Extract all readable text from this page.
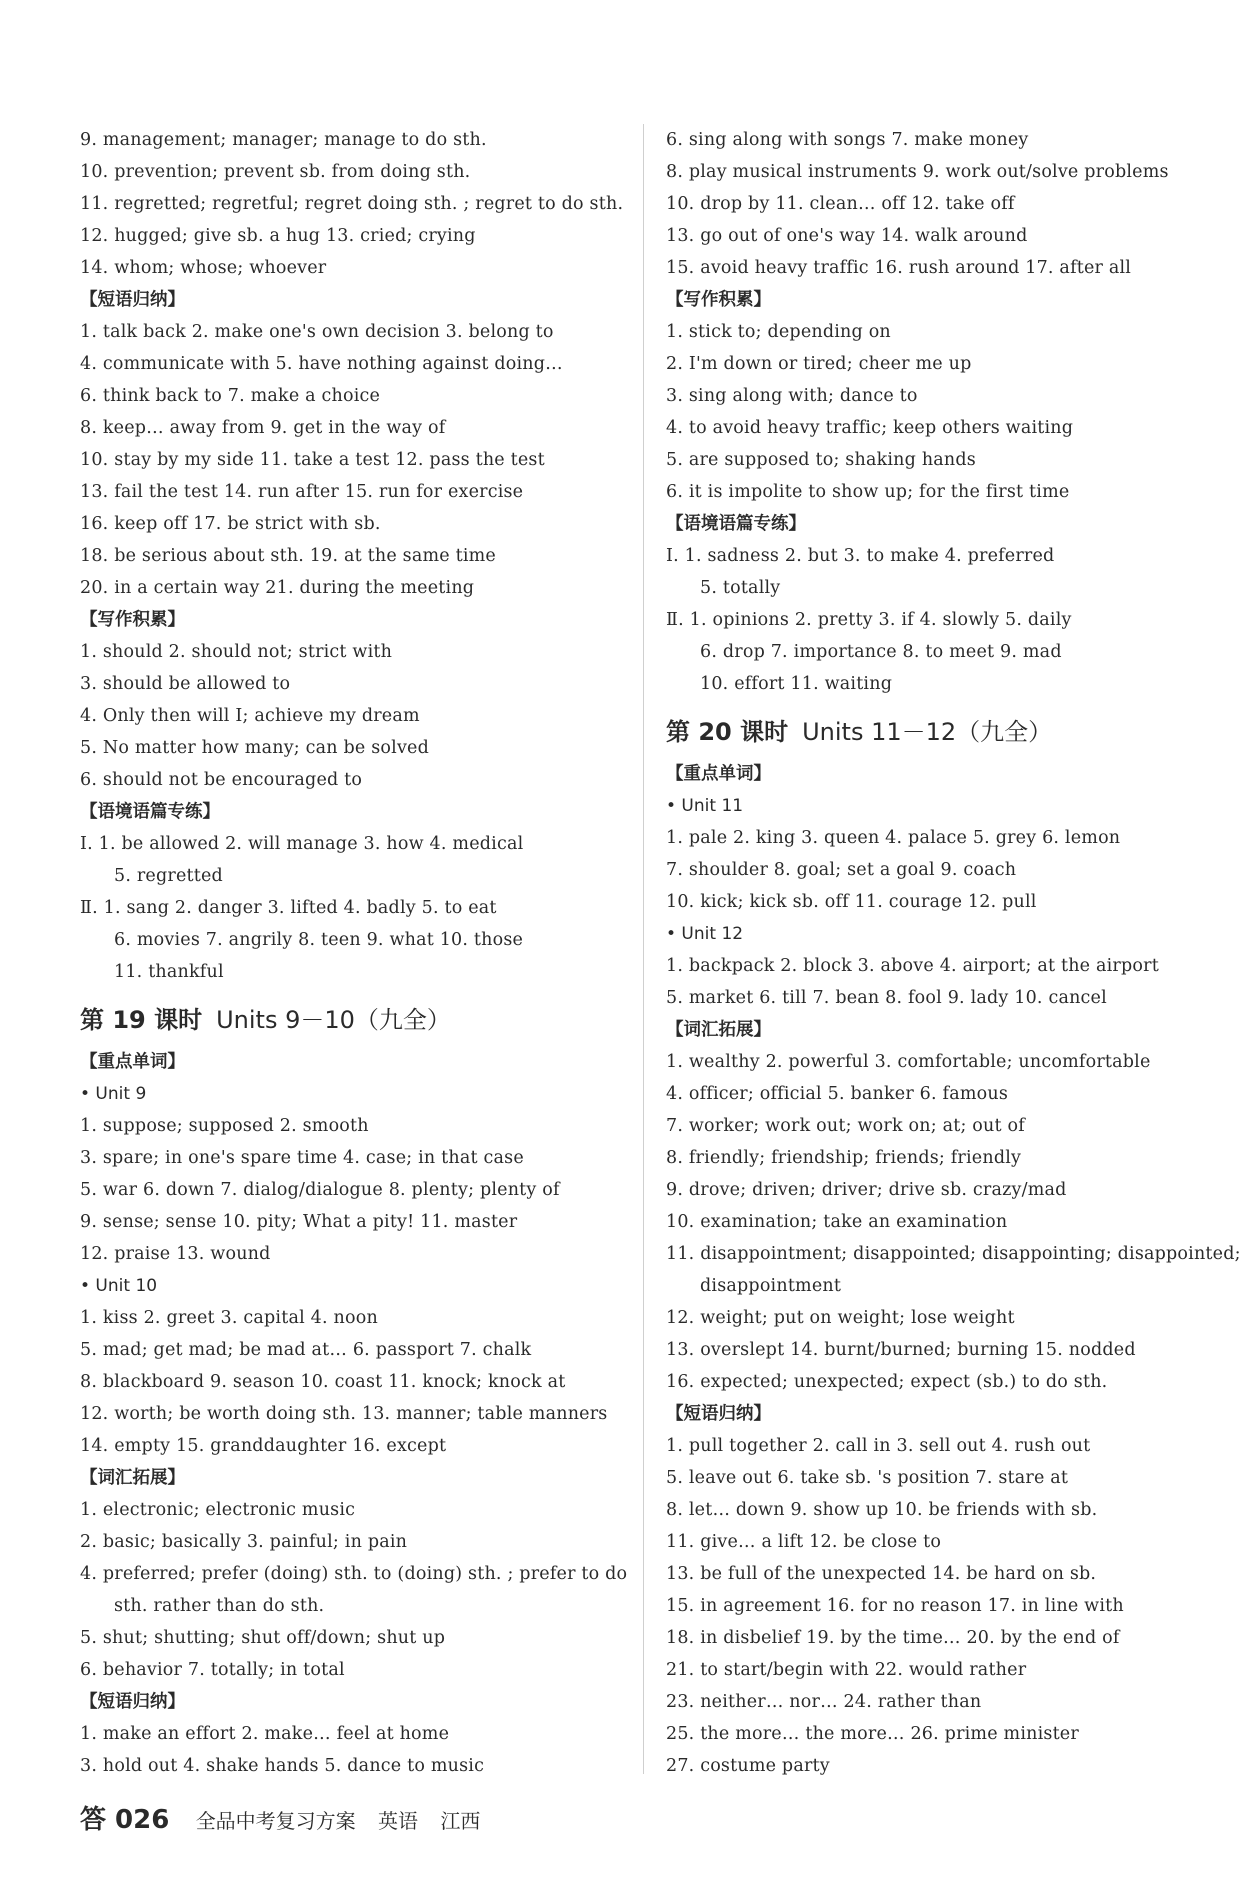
9. management; manager; manage to do sth.
10. prevention; prevent sb. from doing sth.
11. regretted; regretful; regret doing sth. ; regret to do sth.
12. hugged; give sb. a hug 13. cried; crying
14. whom; whose; whoever
【短语归纳】
1. talk back 2. make one's own decision 3. belong to
4. communicate with 5. have nothing against doing…
6. think back to 7. make a choice
8. keep… away from 9. get in the way of
10. stay by my side 11. take a test 12. pass the test
13. fail the test 14. run after 15. run for exercise
16. keep off 17. be strict with sb.
18. be serious about sth. 19. at the same time
20. in a certain way 21. during the meeting
【写作积累】
1. should 2. should not; strict with
3. should be allowed to
4. Only then will I; achieve my dream
5. No matter how many; can be solved
6. should not be encouraged to
【语境语篇专练】
Ⅰ. 1. be allowed 2. will manage 3. how 4. medical
5. regretted
Ⅱ. 1. sang 2. danger 3. lifted 4. badly 5. to eat
6. movies 7. angrily 8. teen 9. what 10. those
11. thankful
第 19 课时 Units 9－10（九全）
【重点单词】
• Unit 9
1. suppose; supposed 2. smooth
3. spare; in one's spare time 4. case; in that case
5. war 6. down 7. dialog/dialogue 8. plenty; plenty of
9. sense; sense 10. pity; What a pity! 11. master
12. praise 13. wound
• Unit 10
1. kiss 2. greet 3. capital 4. noon
5. mad; get mad; be mad at… 6. passport 7. chalk
8. blackboard 9. season 10. coast 11. knock; knock at
12. worth; be worth doing sth. 13. manner; table manners
14. empty 15. granddaughter 16. except
【词汇拓展】
1. electronic; electronic music
2. basic; basically 3. painful; in pain
4. preferred; prefer (doing) sth. to (doing) sth. ; prefer to do
sth. rather than do sth.
5. shut; shutting; shut off/down; shut up
6. behavior 7. totally; in total
【短语归纳】
1. make an effort 2. make… feel at home
3. hold out 4. shake hands 5. dance to music
6. sing along with songs 7. make money
8. play musical instruments 9. work out/solve problems
10. drop by 11. clean… off 12. take off
13. go out of one's way 14. walk around
15. avoid heavy traffic 16. rush around 17. after all
【写作积累】
1. stick to; depending on
2. I'm down or tired; cheer me up
3. sing along with; dance to
4. to avoid heavy traffic; keep others waiting
5. are supposed to; shaking hands
6. it is impolite to show up; for the first time
【语境语篇专练】
Ⅰ. 1. sadness 2. but 3. to make 4. preferred
5. totally
Ⅱ. 1. opinions 2. pretty 3. if 4. slowly 5. daily
6. drop 7. importance 8. to meet 9. mad
10. effort 11. waiting
第 20 课时 Units 11－12（九全）
【重点单词】
• Unit 11
1. pale 2. king 3. queen 4. palace 5. grey 6. lemon
7. shoulder 8. goal; set a goal 9. coach
10. kick; kick sb. off 11. courage 12. pull
• Unit 12
1. backpack 2. block 3. above 4. airport; at the airport
5. market 6. till 7. bean 8. fool 9. lady 10. cancel
【词汇拓展】
1. wealthy 2. powerful 3. comfortable; uncomfortable
4. officer; official 5. banker 6. famous
7. worker; work out; work on; at; out of
8. friendly; friendship; friends; friendly
9. drove; driven; driver; drive sb. crazy/mad
10. examination; take an examination
11. disappointment; disappointed; disappointing; disappointed;
disappointment
12. weight; put on weight; lose weight
13. overslept 14. burnt/burned; burning 15. nodded
16. expected; unexpected; expect (sb.) to do sth.
【短语归纳】
1. pull together 2. call in 3. sell out 4. rush out
5. leave out 6. take sb. 's position 7. stare at
8. let… down 9. show up 10. be friends with sb.
11. give… a lift 12. be close to
13. be full of the unexpected 14. be hard on sb.
15. in agreement 16. for no reason 17. in line with
18. in disbelief 19. by the time… 20. by the end of
21. to start/begin with 22. would rather
23. neither… nor… 24. rather than
25. the more… the more… 26. prime minister
27. costume party
答 026 全品中考复习方案 英语 江西
